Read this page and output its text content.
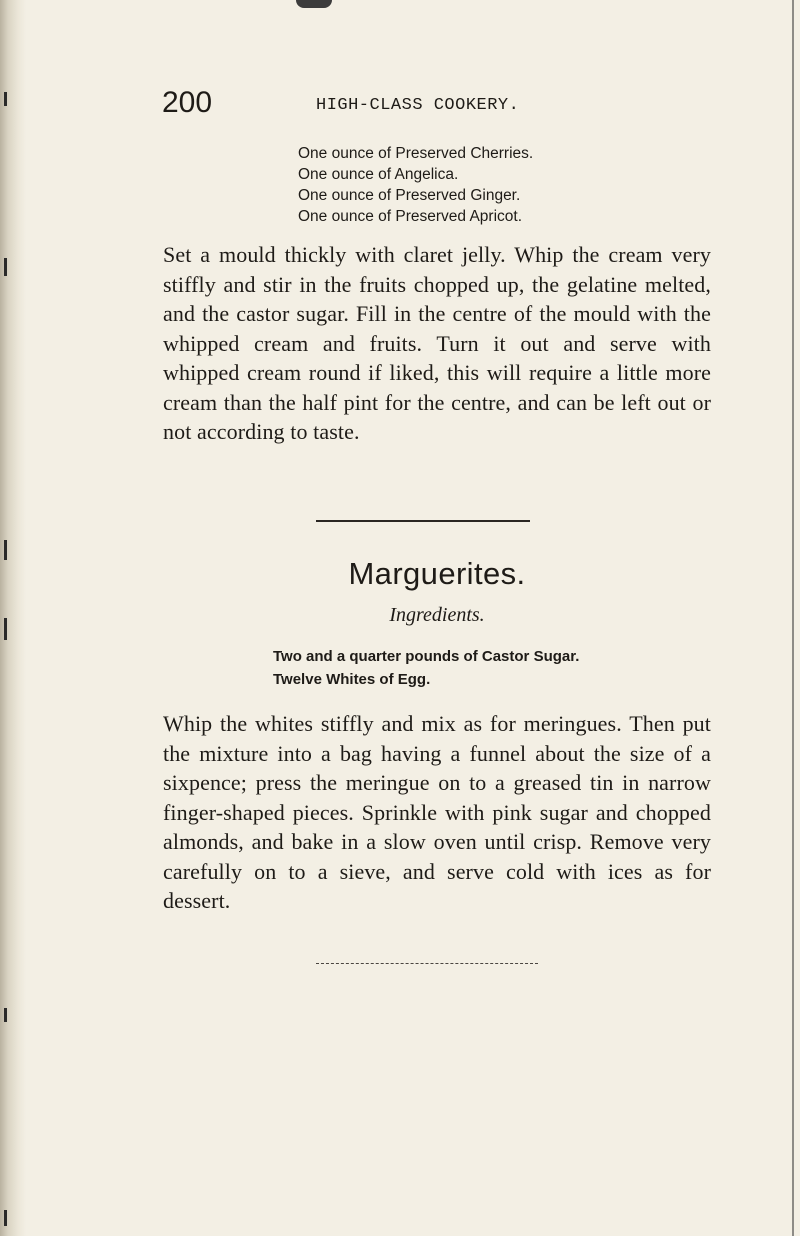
200	HIGH-CLASS COOKERY.
One ounce of Preserved Cherries.
One ounce of Angelica.
One ounce of Preserved Ginger.
One ounce of Preserved Apricot.

Set a mould thickly with claret jelly. Whip the cream very stiffly and stir in the fruits chopped up, the gelatine melted, and the castor sugar. Fill in the centre of the mould with the whipped cream and fruits. Turn it out and serve with whipped cream round if liked, this will require a little more cream than the half pint for the centre, and can be left out or not according to taste.

Marguerites.
Ingredients.
Two and a quarter pounds of Castor Sugar.
Twelve Whites of Egg.

Whip the whites stiffly and mix as for meringues. Then put the mixture into a bag having a funnel about the size of a sixpence; press the meringue on to a greased tin in narrow finger-shaped pieces. Sprinkle with pink sugar and chopped almonds, and bake in a slow oven until crisp. Remove very carefully on to a sieve, and serve cold with ices as for dessert.
